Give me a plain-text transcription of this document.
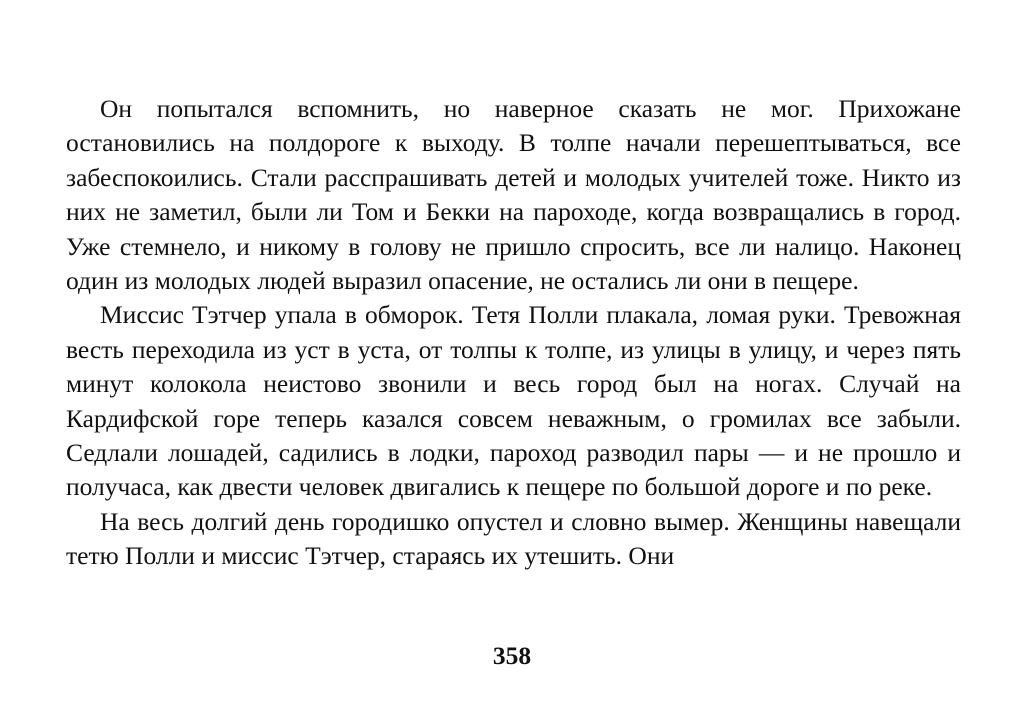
Он попытался вспомнить, но наверное сказать не мог. Прихожане остановились на полдороге к выходу. В толпе начали перешептываться, все забеспокоились. Стали расспрашивать детей и молодых учителей тоже. Никто из них не заметил, были ли Том и Бекки на пароходе, когда возвращались в город. Уже стемнело, и никому в голову не пришло спросить, все ли налицо. Наконец один из молодых людей выразил опасение, не остались ли они в пещере.

Миссис Тэтчер упала в обморок. Тетя Полли плакала, ломая руки. Тревожная весть переходила из уст в уста, от толпы к толпе, из улицы в улицу, и через пять минут колокола неистово звонили и весь город был на ногах. Случай на Кардифской горе теперь казался совсем неважным, о громилах все забыли. Седлали лошадей, садились в лодки, пароход разводил пары — и не прошло и получаса, как двести человек двигались к пещере по большой дороге и по реке.

На весь долгий день городишко опустел и словно вымер. Женщины навещали тетю Полли и миссис Тэтчер, стараясь их утешить. Они

358
